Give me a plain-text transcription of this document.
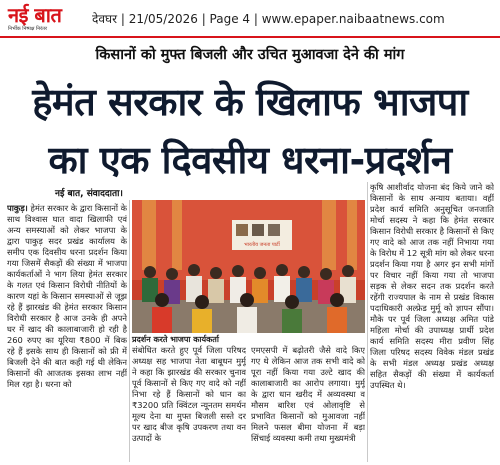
नई बात
निर्भीक निष्पक्ष निरंतर
देवघर | 21/05/2026 | Page 4 | www.epaper.naibaatnews.com
किसानों को मुफ्त बिजली और उचित मुआवजा देने की मांग
हेमंत सरकार के खिलाफ भाजपा
का एक दिवसीय धरना-प्रदर्शन
नई बात, संवाददाता।

पाकुड़। हेमंत सरकार के द्वारा किसानों के साथ विश्वास घात वादा खिलाफी एवं अन्य समस्याओं को लेकर भाजपा के द्वारा पाकुड़ सदर प्रखंड कार्यालय के समीप एक दिवसीय धरना प्रदर्शन किया गया जिसमें सैकड़ों की संख्या में भाजपा कार्यकर्ताओं ने भाग लिया हेमंत सरकार के गलत एवं किसान विरोधी नीतियों के कारण यहां के किसान समस्याओं से जूझ रहे हैं झारखंड की हेमंत सरकार किसान विरोधी सरकार है आज उनके ही अपने घर में खाद की कालाबाजारी हो रही है 260 रुपए का यूरिया ₹800 में बिक रहे हैं इसके साथ ही किसानों को फ्री में बिजली देने की बात कही गई थी लेकिन किसानों की आजतक इसका लाभ नहीं मिल रहा है। धरना को

भारतीय जनता पार्टी
प्रदर्शन करते भाजपा कार्यकर्ता
संबोधित करते हुए पूर्व जिला परिषद अध्यक्ष सह भाजपा नेता बाबूधन मुर्मू ने कहा कि झारखंड की सरकार चुनाव पूर्व किसानों से किए गए वादे को नहीं निभा रहे हैं किसानों को धान का ₹3200 प्रति क्विंटल न्यूनतम समर्थन मूल्य देना था मुफ्त बिजली सस्ते दर पर खाद बीज कृषि उपकरण तथा वन उत्पादों के
एमएसपी में बढ़ोतरी जैसे वादे किए गए थे लेकिन आज तक सभी वादे को पूरा नहीं किया गया उल्टे खाद की कालाबाजारी का आरोप लगाया। मुर्मू के द्वारा धान खरीद में अव्यवस्था व मौसम बारिश एवं ओलावृष्टि से प्रभावित किसानों को मुआवजा नहीं मिलने फसल बीमा योजना में बड़ा सिंचाई व्यवस्था कमी तथा मुख्यमंत्री

कृषि आशीर्वाद योजना बंद किये जाने को किसानों के साथ अन्याय बताया। वहीं प्रदेश कार्य समिति अनुसूचित जनजाति मोर्चा सदस्य ने कहा कि हेमंत सरकार किसान विरोधी सरकार है किसानों से किए गए वादे को आज तक नहीं निभाया गया के विरोध में 12 सूत्री मांग को लेकर धरना प्रदर्शन किया गया है अगर इन सभी मांगों पर विचार नहीं किया गया तो भाजपा सड़क से लेकर सदन तक प्रदर्शन करते रहेंगी राज्यपाल के नाम से प्रखंड विकास पदाधिकारी अल्फ्रेड मुर्मू को ज्ञापन सौंपा। मौके पर पूर्व जिला अध्यक्ष अमित पांडे महिला मोर्चा की उपाध्यक्ष प्रार्थी प्रदेश कार्य समिति सदस्य मीरा प्रवीण सिंह जिला परिषद सदस्य विवेक मंडल प्रखंड के सभी मंडल अध्यक्ष प्रखंड अध्यक्ष सहित सैकड़ों की संख्या में कार्यकर्ता उपस्थित थे।
